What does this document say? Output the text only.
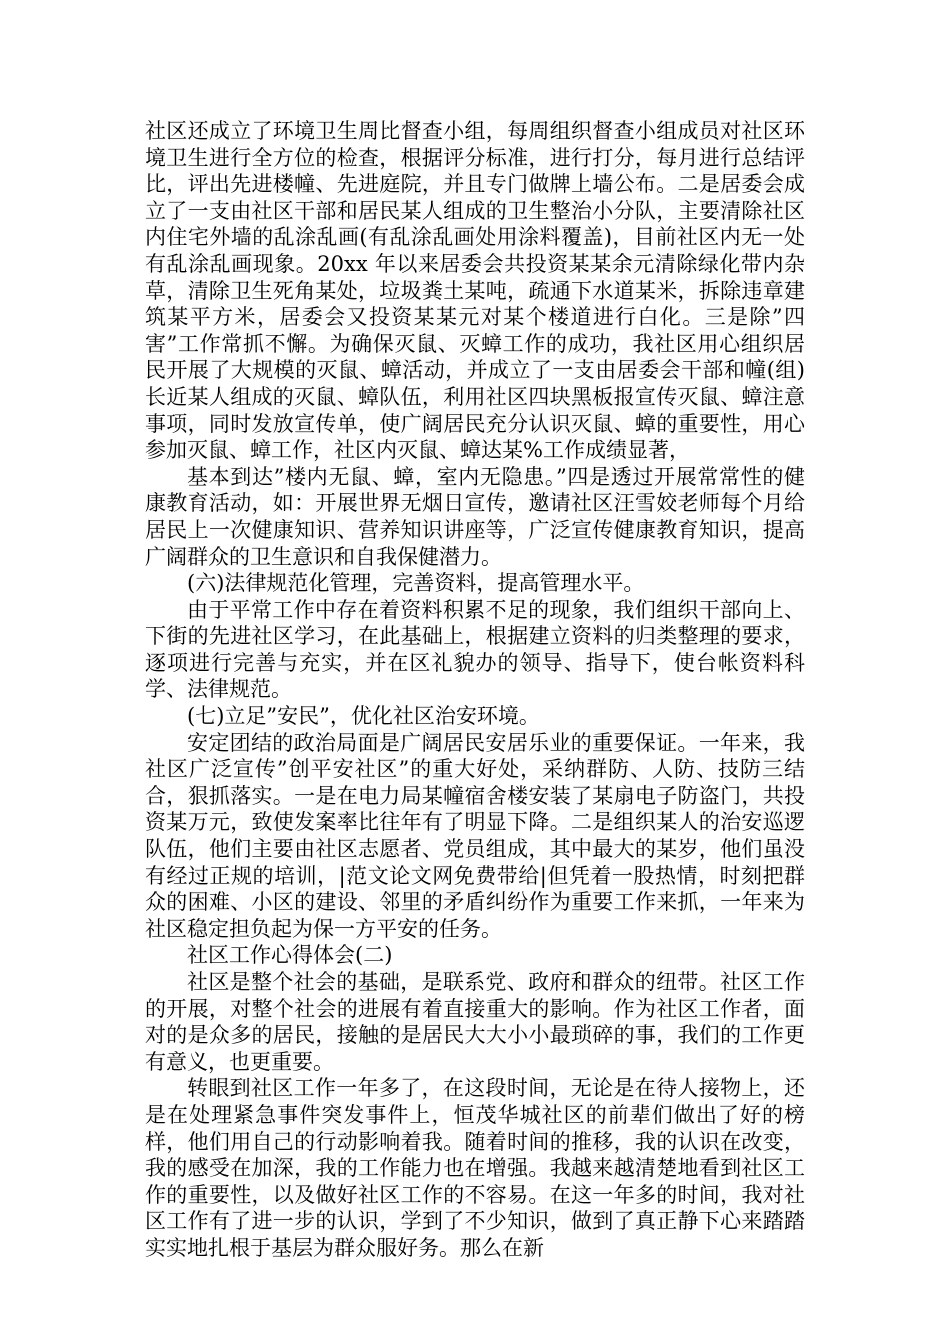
社区还成立了环境卫生周比督查小组，每周组织督查小组成员对社区环境卫生进行全方位的检查，根据评分标准，进行打分，每月进行总结评比，评出先进楼幢、先进庭院，并且专门做牌上墙公布。二是居委会成立了一支由社区干部和居民某人组成的卫生整治小分队，主要清除社区内住宅外墙的乱涂乱画(有乱涂乱画处用涂料覆盖)，目前社区内无一处有乱涂乱画现象。20xx 年以来居委会共投资某某余元清除绿化带内杂草，清除卫生死角某处，垃圾粪土某吨，疏通下水道某米，拆除违章建筑某平方米，居委会又投资某某元对某个楼道进行白化。三是除”四害”工作常抓不懈。为确保灭鼠、灭蟑工作的成功，我社区用心组织居民开展了大规模的灭鼠、蟑活动，并成立了一支由居委会干部和幢(组)长近某人组成的灭鼠、蟑队伍，利用社区四块黑板报宣传灭鼠、蟑注意事项，同时发放宣传单，使广阔居民充分认识灭鼠、蟑的重要性，用心参加灭鼠、蟑工作，社区内灭鼠、蟑达某%工作成绩显著，

基本到达”楼内无鼠、蟑，室内无隐患。”四是透过开展常常性的健康教育活动，如：开展世界无烟日宣传，邀请社区汪雪姣老师每个月给居民上一次健康知识、营养知识讲座等，广泛宣传健康教育知识，提高广阔群众的卫生意识和自我保健潜力。

(六)法律规范化管理，完善资料，提高管理水平。

由于平常工作中存在着资料积累不足的现象，我们组织干部向上、下街的先进社区学习，在此基础上，根据建立资料的归类整理的要求，逐项进行完善与充实，并在区礼貌办的领导、指导下，使台帐资料科学、法律规范。

(七)立足”安民”，优化社区治安环境。

安定团结的政治局面是广阔居民安居乐业的重要保证。一年来，我社区广泛宣传”创平安社区”的重大好处，采纳群防、人防、技防三结合，狠抓落实。一是在电力局某幢宿舍楼安装了某扇电子防盗门，共投资某万元，致使发案率比往年有了明显下降。二是组织某人的治安巡逻队伍，他们主要由社区志愿者、党员组成，其中最大的某岁，他们虽没有经过正规的培训，|范文论文网免费带给|但凭着一股热情，时刻把群众的困难、小区的建设、邻里的矛盾纠纷作为重要工作来抓，一年来为社区稳定担负起为保一方平安的任务。

社区工作心得体会(二)

社区是整个社会的基础，是联系党、政府和群众的纽带。社区工作的开展，对整个社会的进展有着直接重大的影响。作为社区工作者，面对的是众多的居民，接触的是居民大大小小最琐碎的事，我们的工作更有意义，也更重要。

转眼到社区工作一年多了，在这段时间，无论是在待人接物上，还是在处理紧急事件突发事件上，恒茂华城社区的前辈们做出了好的榜样，他们用自己的行动影响着我。随着时间的推移，我的认识在改变，我的感受在加深，我的工作能力也在增强。我越来越清楚地看到社区工作的重要性，以及做好社区工作的不容易。在这一年多的时间，我对社区工作有了进一步的认识，学到了不少知识，做到了真正静下心来踏踏实实地扎根于基层为群众服好务。那么在新
